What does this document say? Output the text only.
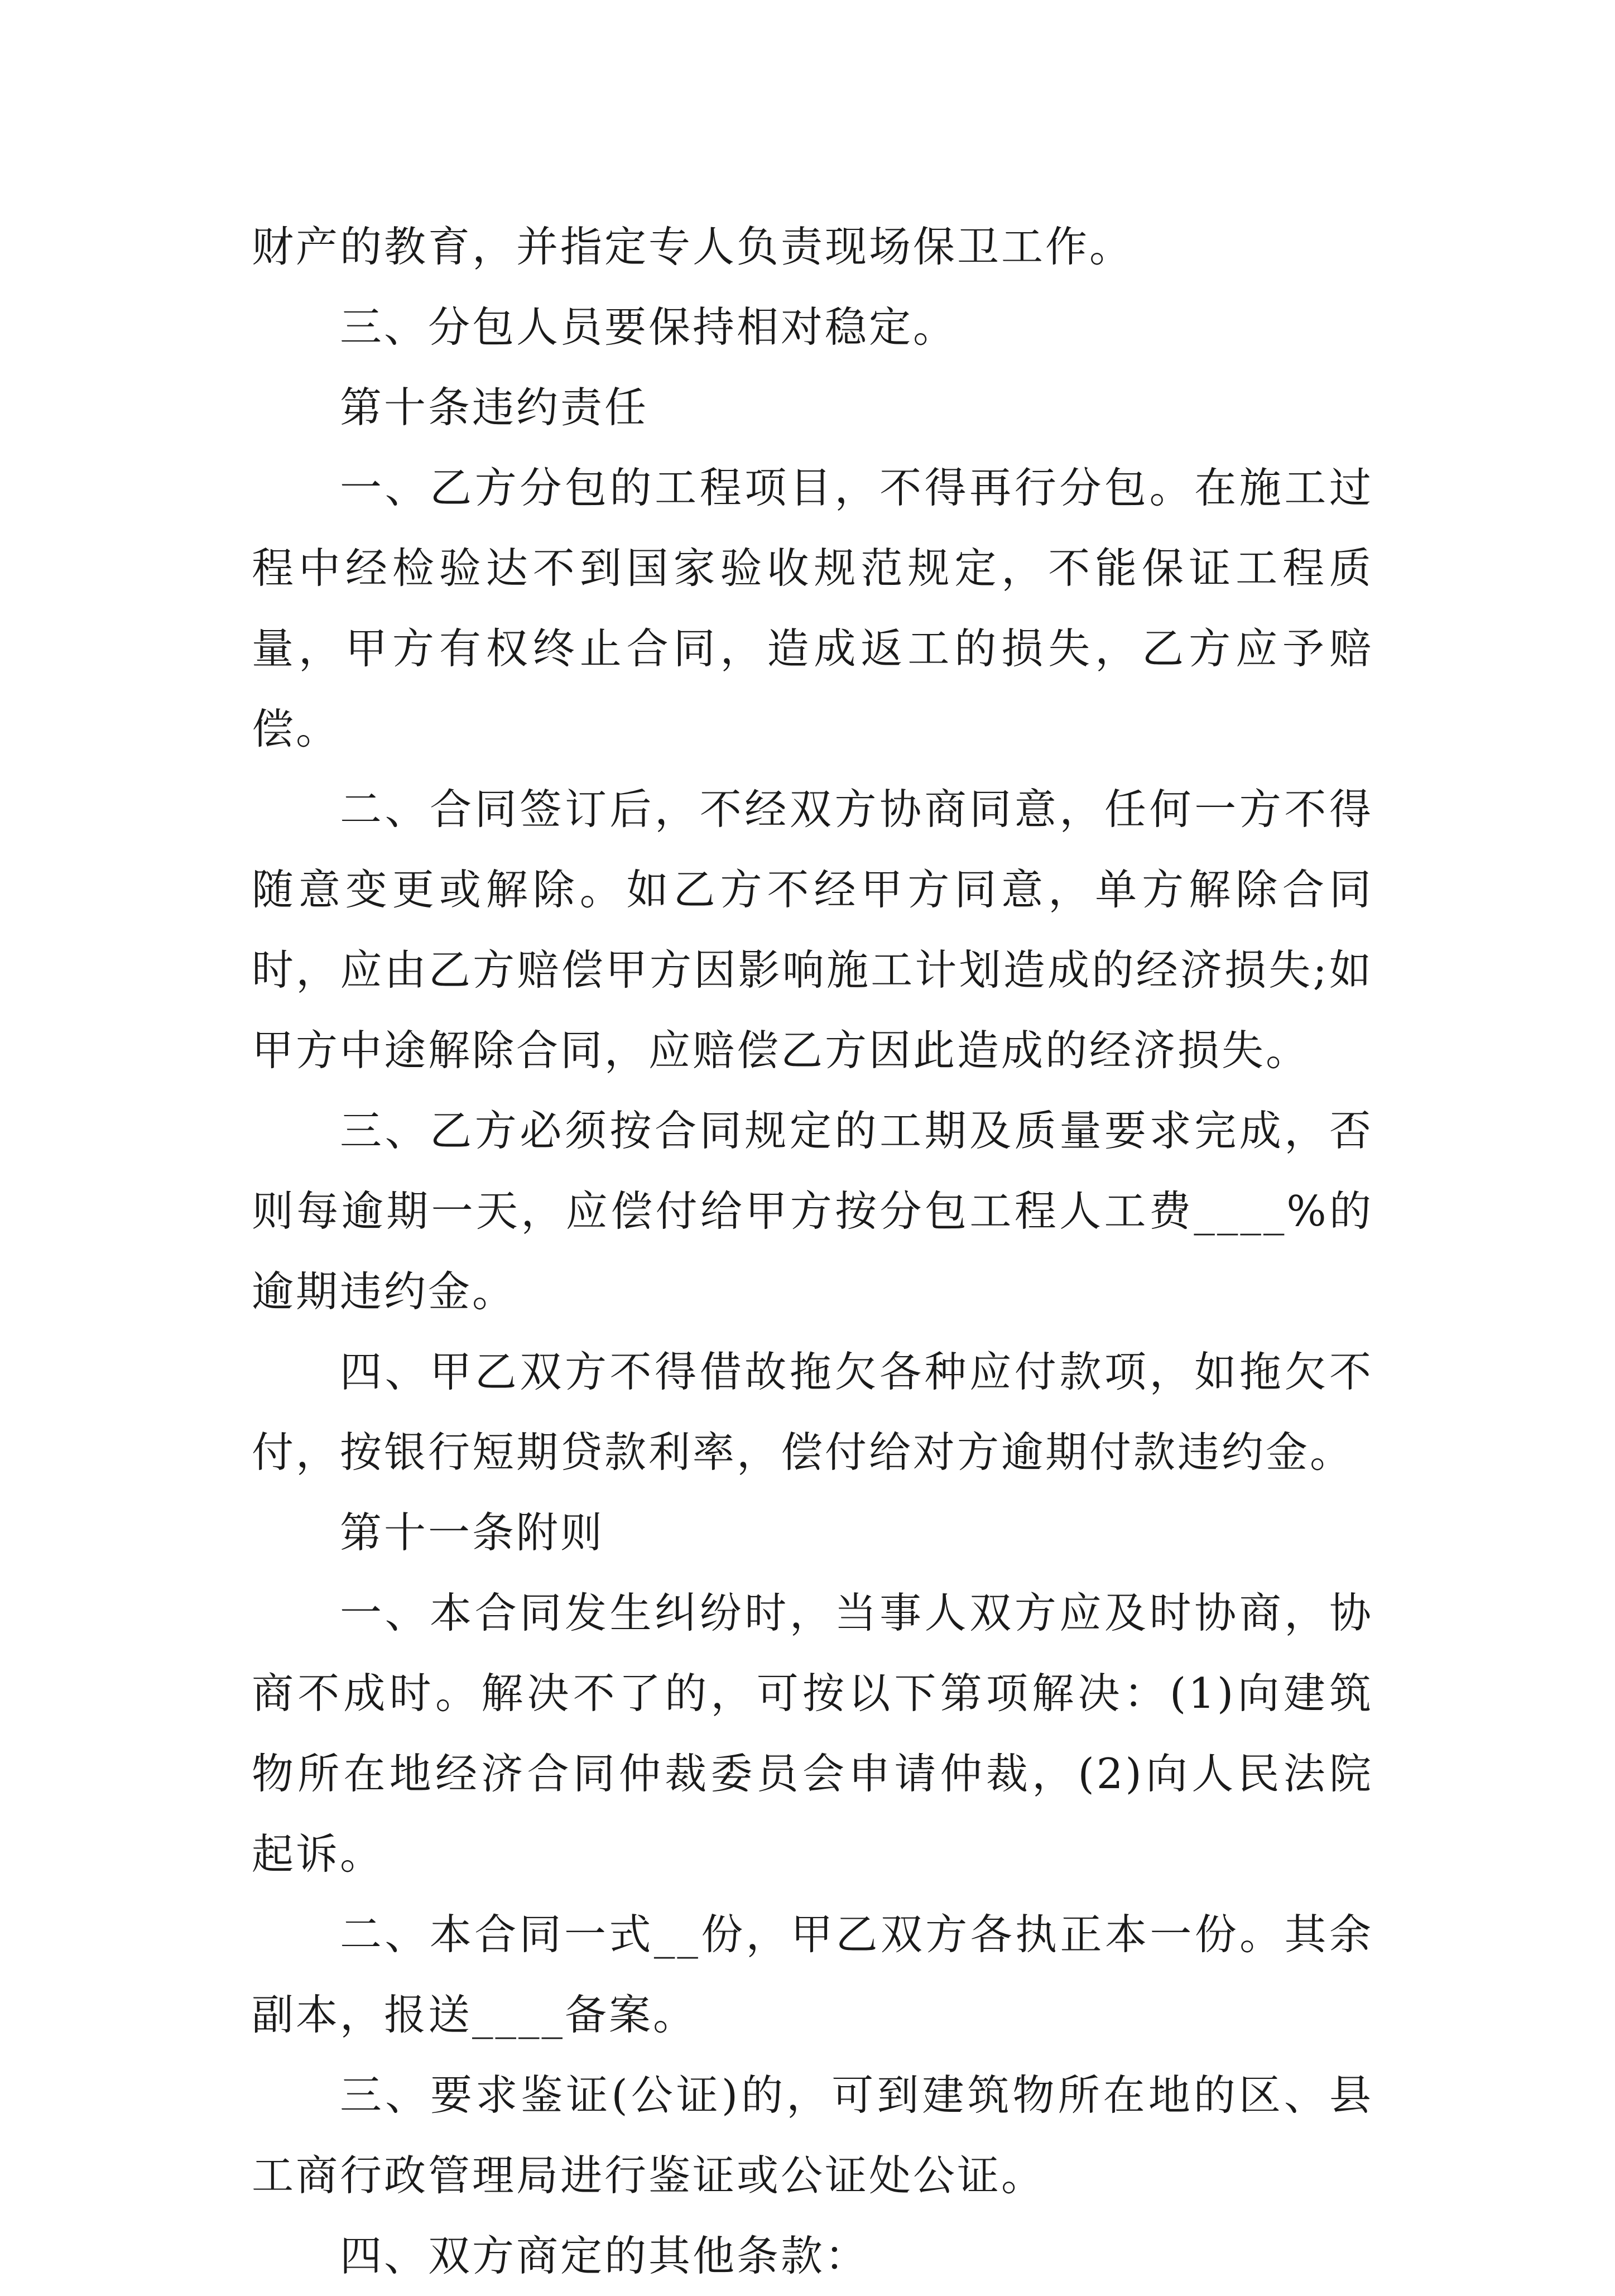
财产的教育，并指定专人负责现场保卫工作。

三、分包人员要保持相对稳定。

第十条违约责任

一、乙方分包的工程项目，不得再行分包。在施工过程中经检验达不到国家验收规范规定，不能保证工程质量，甲方有权终止合同，造成返工的损失，乙方应予赔偿。

二、合同签订后，不经双方协商同意，任何一方不得随意变更或解除。如乙方不经甲方同意，单方解除合同时，应由乙方赔偿甲方因影响施工计划造成的经济损失;如甲方中途解除合同，应赔偿乙方因此造成的经济损失。

三、乙方必须按合同规定的工期及质量要求完成，否则每逾期一天，应偿付给甲方按分包工程人工费____%的逾期违约金。

四、甲乙双方不得借故拖欠各种应付款项，如拖欠不付，按银行短期贷款利率，偿付给对方逾期付款违约金。

第十一条附则

一、本合同发生纠纷时，当事人双方应及时协商，协商不成时。解决不了的，可按以下第项解决：(1)向建筑物所在地经济合同仲裁委员会申请仲裁，(2)向人民法院起诉。

二、本合同一式__份，甲乙双方各执正本一份。其余副本，报送____备案。

三、要求鉴证(公证)的，可到建筑物所在地的区、县工商行政管理局进行鉴证或公证处公证。

四、双方商定的其他条款：
